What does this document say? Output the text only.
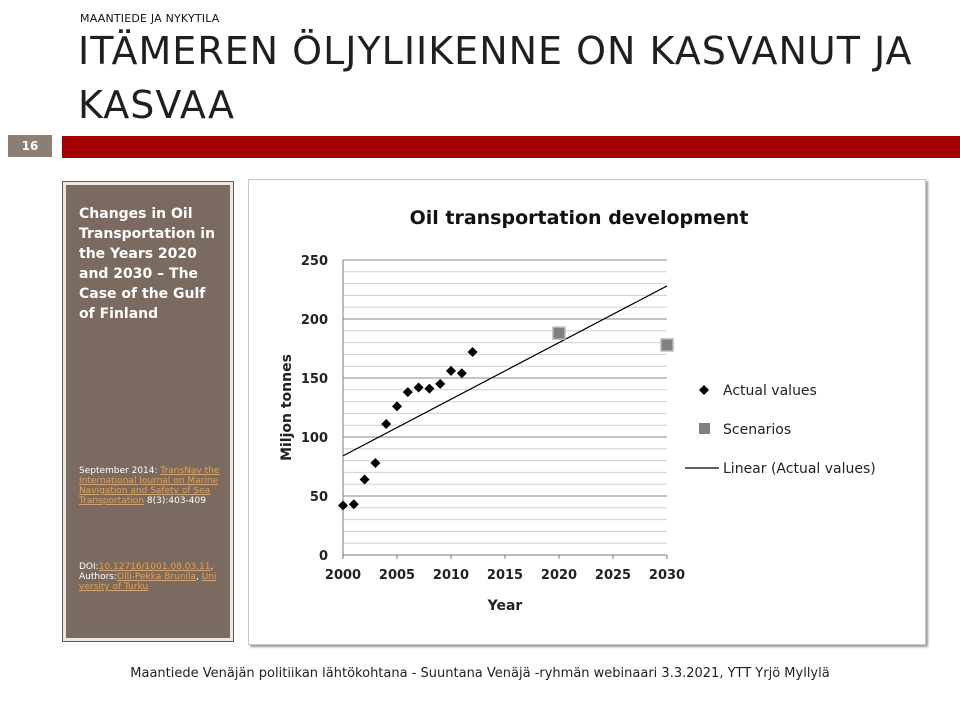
MAANTIEDE JA NYKYTILA
ITÄMEREN ÖLJYLIIKENNE ON KASVANUT JA KASVAA
16
Changes in Oil Transportation in the Years 2020 and 2030 – The Case of the Gulf of Finland
September 2014: TransNav the International Journal on Marine Navigation and Safety of Sea Transportation 8(3):403-409
DOI:10.12716/1001.08.03.11, Authors:Olli-Pekka Brunila, University of Turku
Oil transportation development
0
50
100
150
200
250
2000 2005 2010 2015 2020 2025 2030
Year
Miljon tonnes	Actual values
Scenarios
Linear (Actual values)
Maantiede Venäjän politiikan lähtökohtana - Suuntana Venäjä -ryhmän webinaari 3.3.2021, YTT Yrjö Myllylä
